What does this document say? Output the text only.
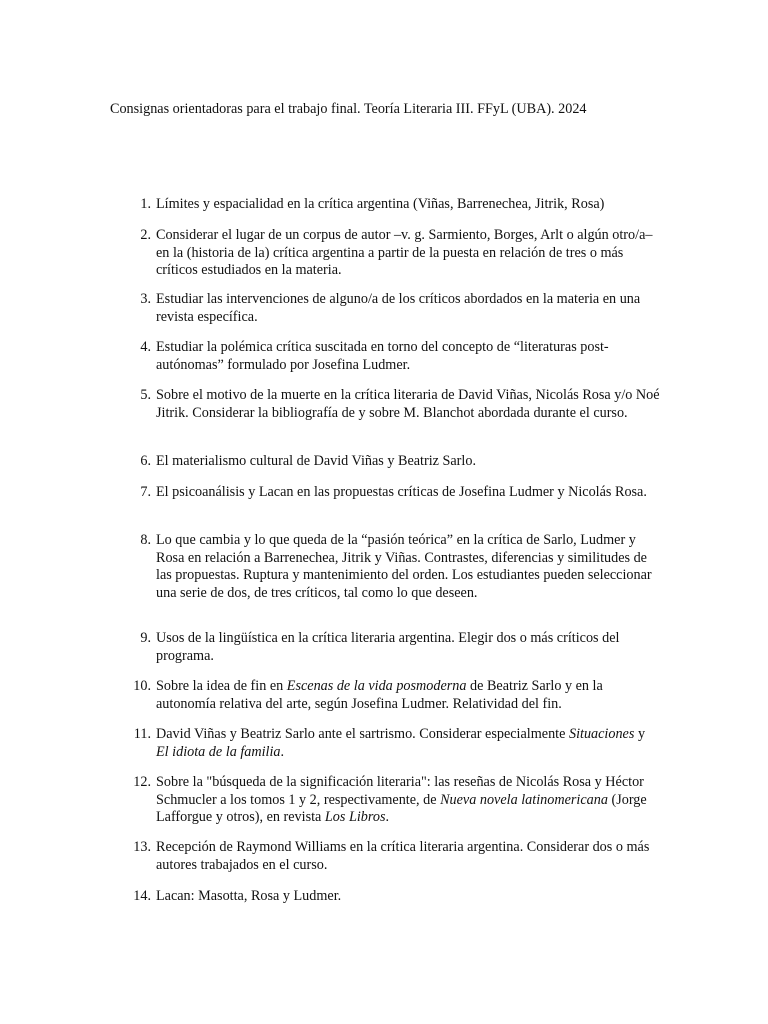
Consignas orientadoras para el trabajo final. Teoría Literaria III. FFyL (UBA). 2024
1. Límites y espacialidad en la crítica argentina (Viñas, Barrenechea, Jitrik, Rosa)
2. Considerar el lugar de un corpus de autor –v. g. Sarmiento, Borges, Arlt o algún otro/a– en la (historia de la) crítica argentina a partir de la puesta en relación de tres o más críticos estudiados en la materia.
3. Estudiar las intervenciones de alguno/a de los críticos abordados en la materia en una revista específica.
4. Estudiar la polémica crítica suscitada en torno del concepto de “literaturas post-autónomas” formulado por Josefina Ludmer.
5. Sobre el motivo de la muerte en la crítica literaria de David Viñas, Nicolás Rosa y/o Noé Jitrik. Considerar la bibliografía de y sobre M. Blanchot abordada durante el curso.
6. El materialismo cultural de David Viñas y Beatriz Sarlo.
7. El psicoanálisis y Lacan en las propuestas críticas de Josefina Ludmer y Nicolás Rosa.
8. Lo que cambia y lo que queda de la “pasión teórica” en la crítica de Sarlo, Ludmer y Rosa en relación a Barrenechea, Jitrik y Viñas. Contrastes, diferencias y similitudes de las propuestas. Ruptura y mantenimiento del orden. Los estudiantes pueden seleccionar una serie de dos, de tres críticos, tal como lo que deseen.
9. Usos de la lingüística en la crítica literaria argentina. Elegir dos o más críticos del programa.
10. Sobre la idea de fin en Escenas de la vida posmoderna de Beatriz Sarlo y en la autonomía relativa del arte, según Josefina Ludmer. Relatividad del fin.
11. David Viñas y Beatriz Sarlo ante el sartrismo. Considerar especialmente Situaciones y El idiota de la familia.
12. Sobre la "búsqueda de la significación literaria": las reseñas de Nicolás Rosa y Héctor Schmucler a los tomos 1 y 2, respectivamente, de Nueva novela latinomericana (Jorge Lafforgue y otros), en revista Los Libros.
13. Recepción de Raymond Williams en la crítica literaria argentina. Considerar dos o más autores trabajados en el curso.
14. Lacan: Masotta, Rosa y Ludmer.
